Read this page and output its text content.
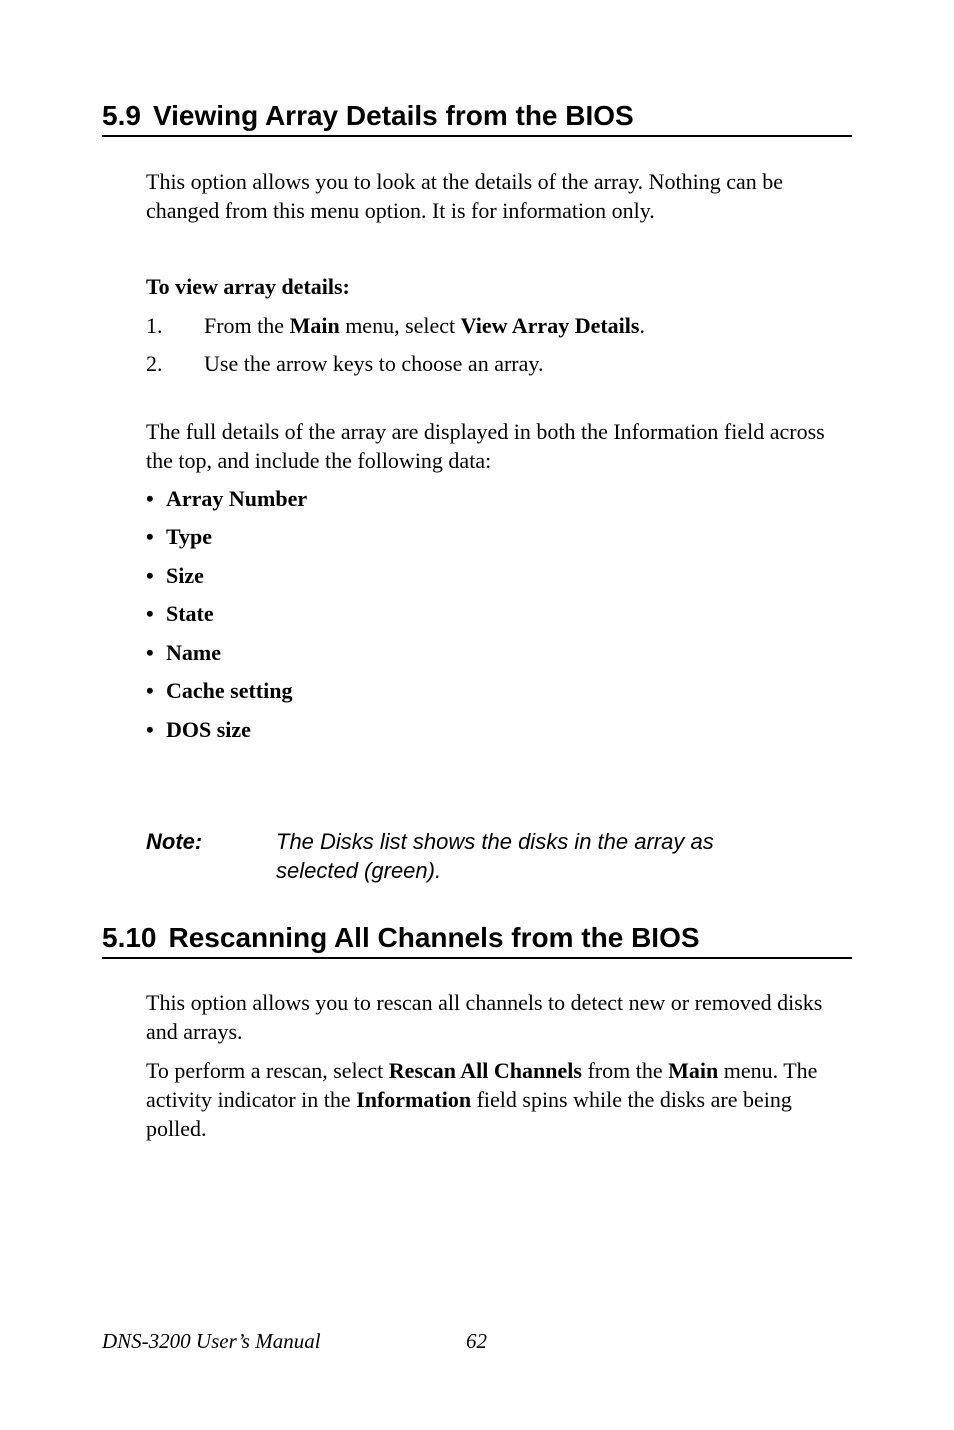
5.9 Viewing Array Details from the BIOS

This option allows you to look at the details of the array. Nothing can be changed from this menu option. It is for information only.

To view array details:

1. From the Main menu, select View Array Details.
2. Use the arrow keys to choose an array.

The full details of the array are displayed in both the Information field across the top, and include the following data:

• Array Number

• Type

• Size

• State

• Name

• Cache setting

• DOS size

Note:	The Disks list shows the disks in the array as selected (green).

5.10 Rescanning All Channels from the BIOS

This option allows you to rescan all channels to detect new or removed disks and arrays.

To perform a rescan, select Rescan All Channels from the Main menu. The activity indicator in the Information field spins while the disks are being polled.

DNS-3200 User’s Manual	62
